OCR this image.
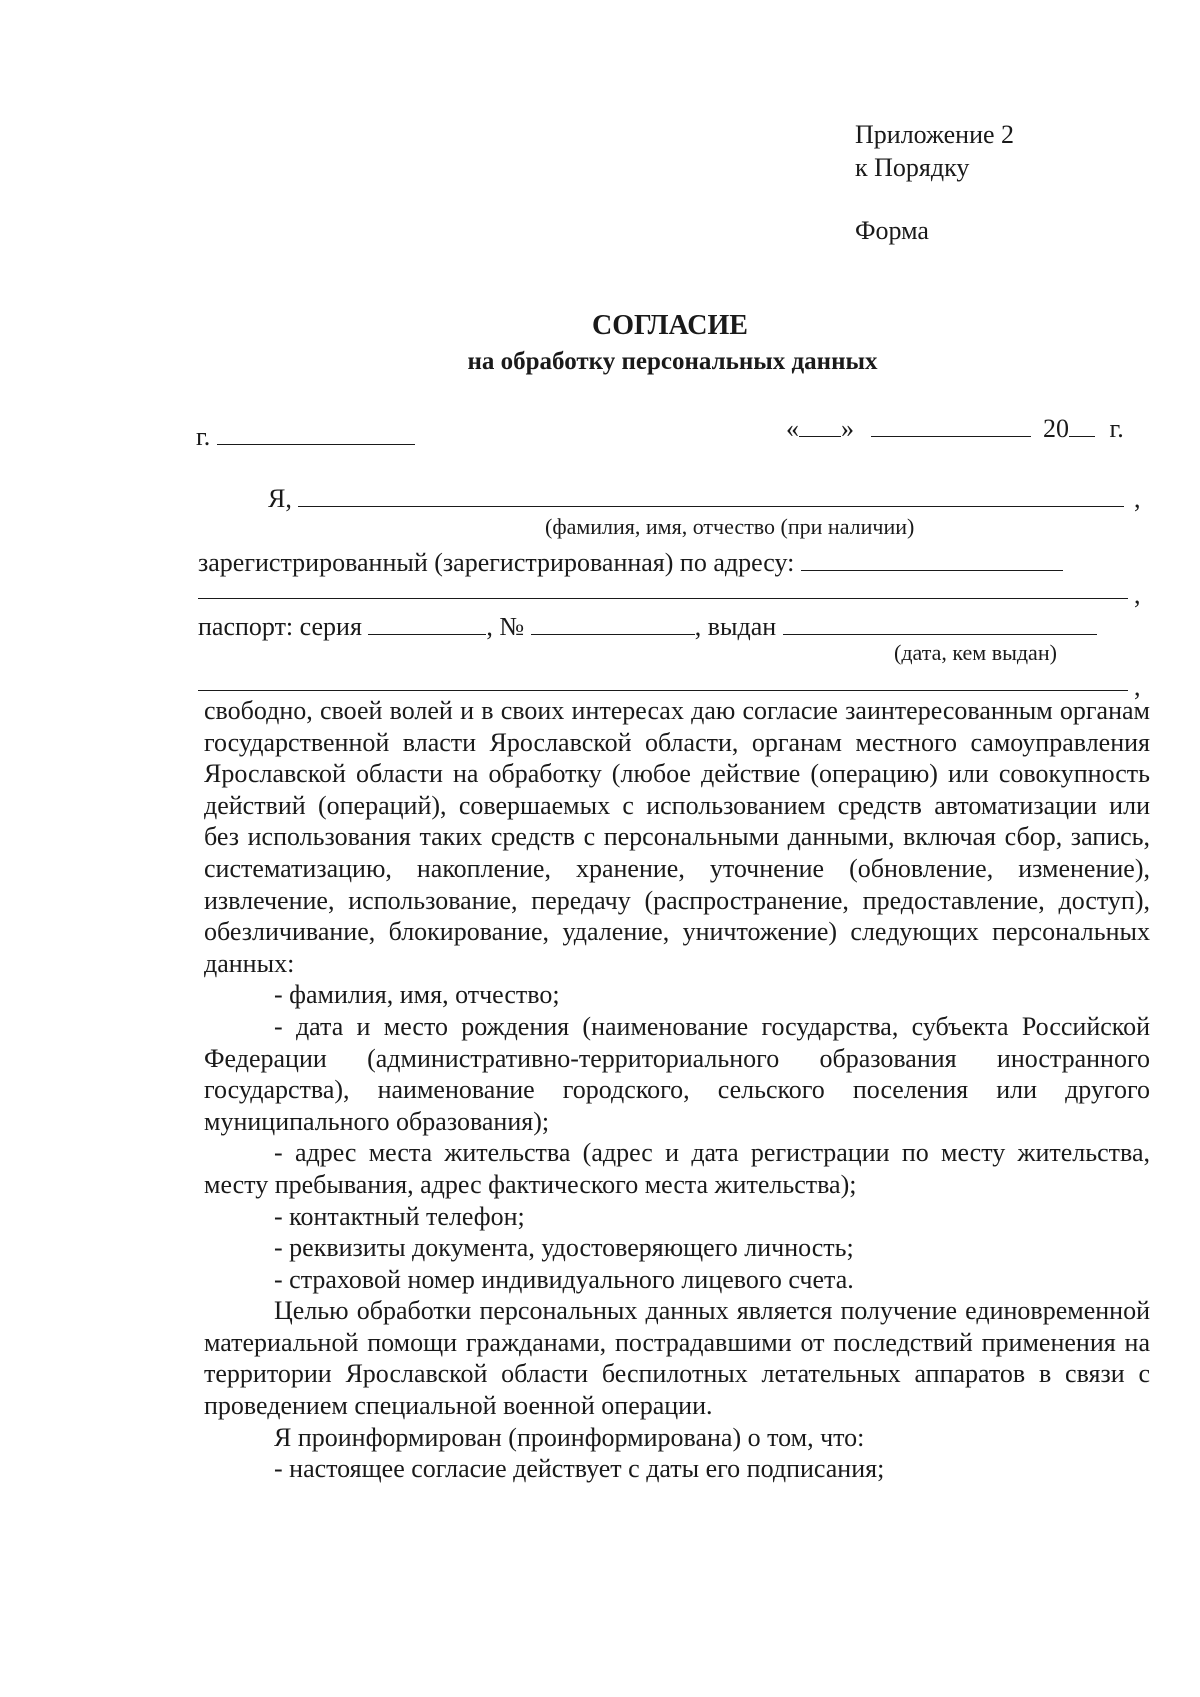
Приложение 2
к Порядку
Форма
СОГЛАСИЕ
на обработку персональных данных
г.	« »	20 г.
Я,	,
(фамилия, имя, отчество (при наличии)
зарегистрированный (зарегистрированная) по адресу:
,
паспорт: серия	, №	, выдан
(дата, кем выдан)
,

свободно, своей волей и в своих интересах даю согласие заинтересованным органам государственной власти Ярославской области, органам местного самоуправления Ярославской области на обработку (любое действие (операцию) или совокупность действий (операций), совершаемых с использованием средств автоматизации или без использования таких средств с персональными данными, включая сбор, запись, систематизацию, накопление, хранение, уточнение (обновление, изменение), извлечение, использование, передачу (распространение, предоставление, доступ), обезличивание, блокирование, удаление, уничтожение) следующих персональных данных:

- фамилия, имя, отчество;

- дата и место рождения (наименование государства, субъекта Российской Федерации (административно-территориального образования иностранного государства), наименование городского, сельского поселения или другого муниципального образования);

- адрес места жительства (адрес и дата регистрации по месту жительства, месту пребывания, адрес фактического места жительства);

- контактный телефон;

- реквизиты документа, удостоверяющего личность;

- страховой номер индивидуального лицевого счета.

Целью обработки персональных данных является получение единовременной материальной помощи гражданами, пострадавшими от последствий применения на территории Ярославской области беспилотных летательных аппаратов в связи с проведением специальной военной операции.

Я проинформирован (проинформирована) о том, что:

- настоящее согласие действует с даты его подписания;
